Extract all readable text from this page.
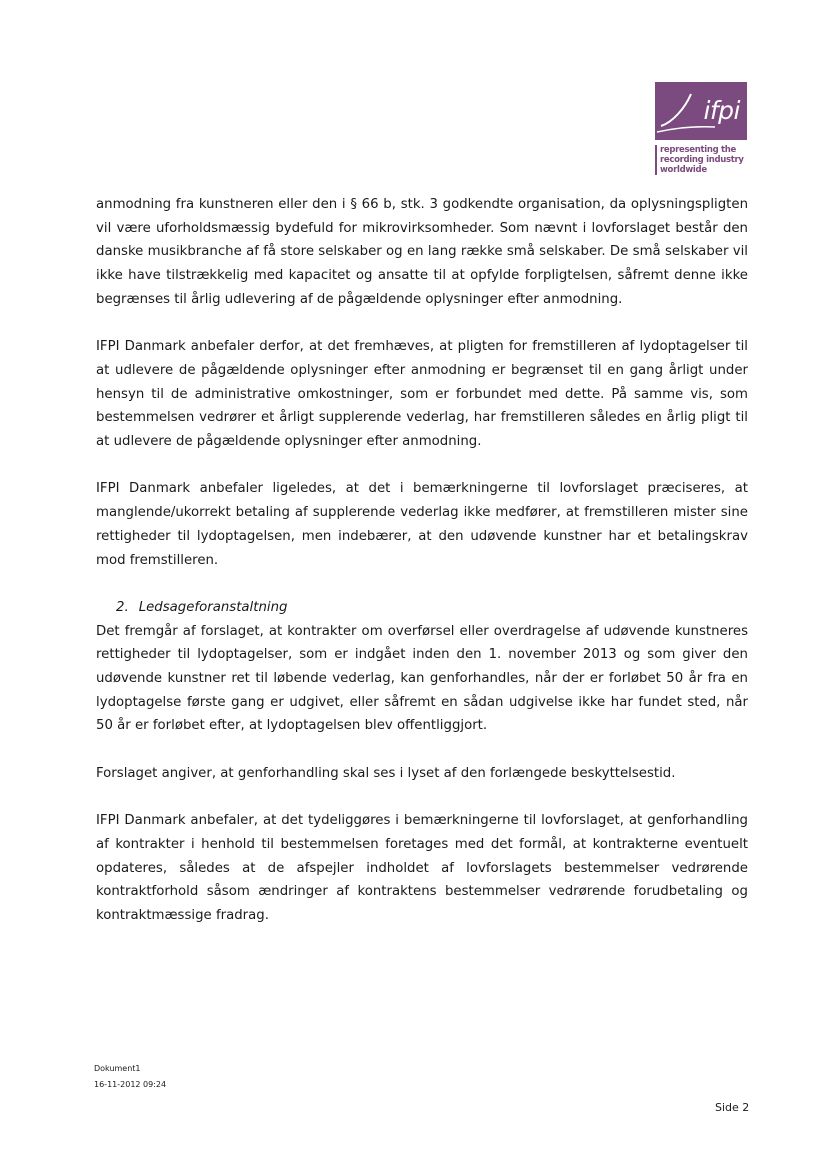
ifpi
representing the
recording industry
worldwide

anmodning fra kunstneren eller den i § 66 b, stk. 3 godkendte organisation, da oplysningspligten vil være uforholdsmæssig bydefuld for mikrovirksomheder. Som nævnt i lovforslaget består den danske musikbranche af få store selskaber og en lang række små selskaber. De små selskaber vil ikke have tilstrækkelig med kapacitet og ansatte til at opfylde forpligtelsen, såfremt denne ikke begrænses til årlig udlevering af de pågældende oplysninger efter anmodning.

IFPI Danmark anbefaler derfor, at det fremhæves, at pligten for fremstilleren af lydoptagelser til at udlevere de pågældende oplysninger efter anmodning er begrænset til en gang årligt under hensyn til de administrative omkostninger, som er forbundet med dette. På samme vis, som bestemmelsen vedrører et årligt supplerende vederlag, har fremstilleren således en årlig pligt til at udlevere de pågældende oplysninger efter anmodning.

IFPI Danmark anbefaler ligeledes, at det i bemærkningerne til lovforslaget præciseres, at manglende/ukorrekt betaling af supplerende vederlag ikke medfører, at fremstilleren mister sine rettigheder til lydoptagelsen, men indebærer, at den udøvende kunstner har et betalingskrav mod fremstilleren.

2. Ledsageforanstaltning

Det fremgår af forslaget, at kontrakter om overførsel eller overdragelse af udøvende kunstneres rettigheder til lydoptagelser, som er indgået inden den 1. november 2013 og som giver den udøvende kunstner ret til løbende vederlag, kan genforhandles, når der er forløbet 50 år fra en lydoptagelse første gang er udgivet, eller såfremt en sådan udgivelse ikke har fundet sted, når 50 år er forløbet efter, at lydoptagelsen blev offentliggjort.

Forslaget angiver, at genforhandling skal ses i lyset af den forlængede beskyttelsestid.

IFPI Danmark anbefaler, at det tydeliggøres i bemærkningerne til lovforslaget, at genforhandling af kontrakter i henhold til bestemmelsen foretages med det formål, at kontrakterne eventuelt opdateres, således at de afspejler indholdet af lovforslagets bestemmelser vedrørende kontraktforhold såsom ændringer af kontraktens bestemmelser vedrørende forudbetaling og kontraktmæssige fradrag.

Dokument1
16-11-2012 09:24
Side 2
